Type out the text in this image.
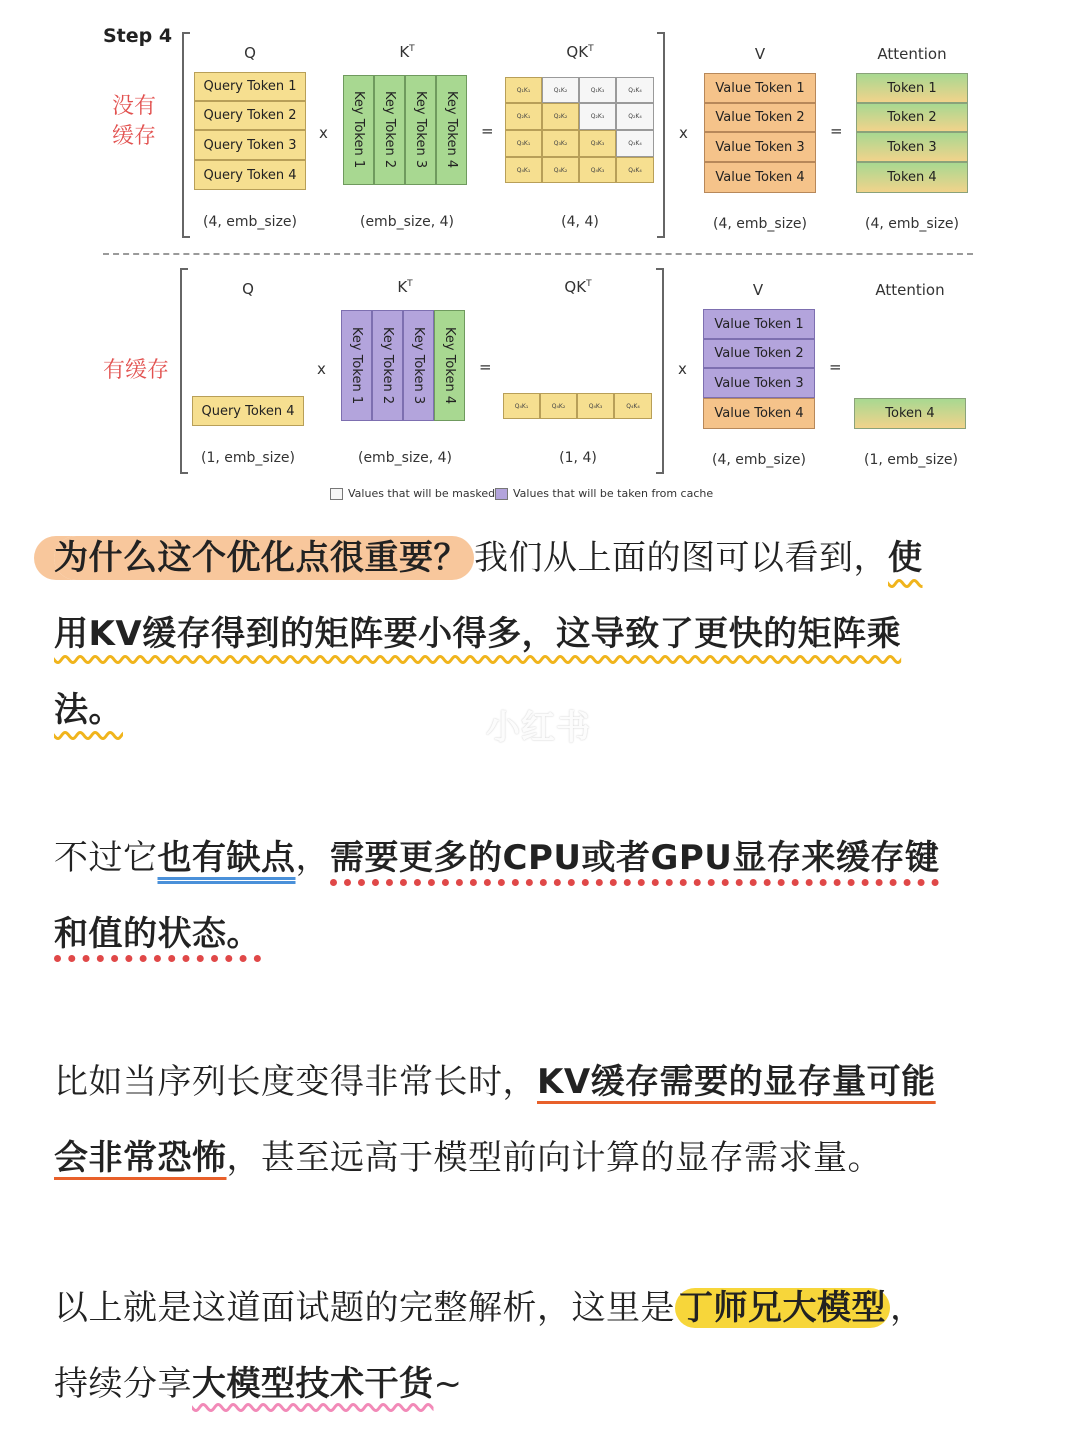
Step 4
没有
缓存
有缓存
Q	$K^T$	$QK^T$	V	Attention
Q	$K^T$	$QK^T$	V	Attention
x	=	x	=
x	=	x	=
Query Token 1
Query Token 2
Query Token 3
Query Token 4
Key Token 1	Key Token 2	Key Token 3	Key Token 4
Q₁K₁	Q₁K₂	Q₁K₃	Q₁K₄
Q₂K₁	Q₂K₂	Q₂K₃	Q₂K₄
Q₃K₁	Q₃K₂	Q₃K₃	Q₃K₄
Q₄K₁	Q₄K₂	Q₄K₃	Q₄K₄
Value Token 1
Value Token 2
Value Token 3
Value Token 4
Token 1
Token 2
Token 3
Token 4
(4, emb_size)	(emb_size, 4)	(4, 4)	(4, emb_size)	(4, emb_size)
Query Token 4
Key Token 1	Key Token 2	Key Token 3	Key Token 4
Q₄K₁	Q₄K₂	Q₄K₃	Q₄K₄
Value Token 1
Value Token 2
Value Token 3
Value Token 4	Token 4
(1, emb_size)	(emb_size, 4)	(1, 4)	(4, emb_size)	(1, emb_size)
Values that will be masked Values that will be taken from cache
为什么这个优化点很重要？ 我们从上面的图可以看到，使
用KV缓存得到的矩阵要小得多，这导致了更快的矩阵乘
法。	小红书
不过它也有缺点，需要更多的CPU或者GPU显存来缓存键
和值的状态。
比如当序列长度变得非常长时，KV缓存需要的显存量可能
会非常恐怖，甚至远高于模型前向计算的显存需求量。
以上就是这道面试题的完整解析，这里是 丁师兄大模型 ，
持续分享大模型技术干货~
